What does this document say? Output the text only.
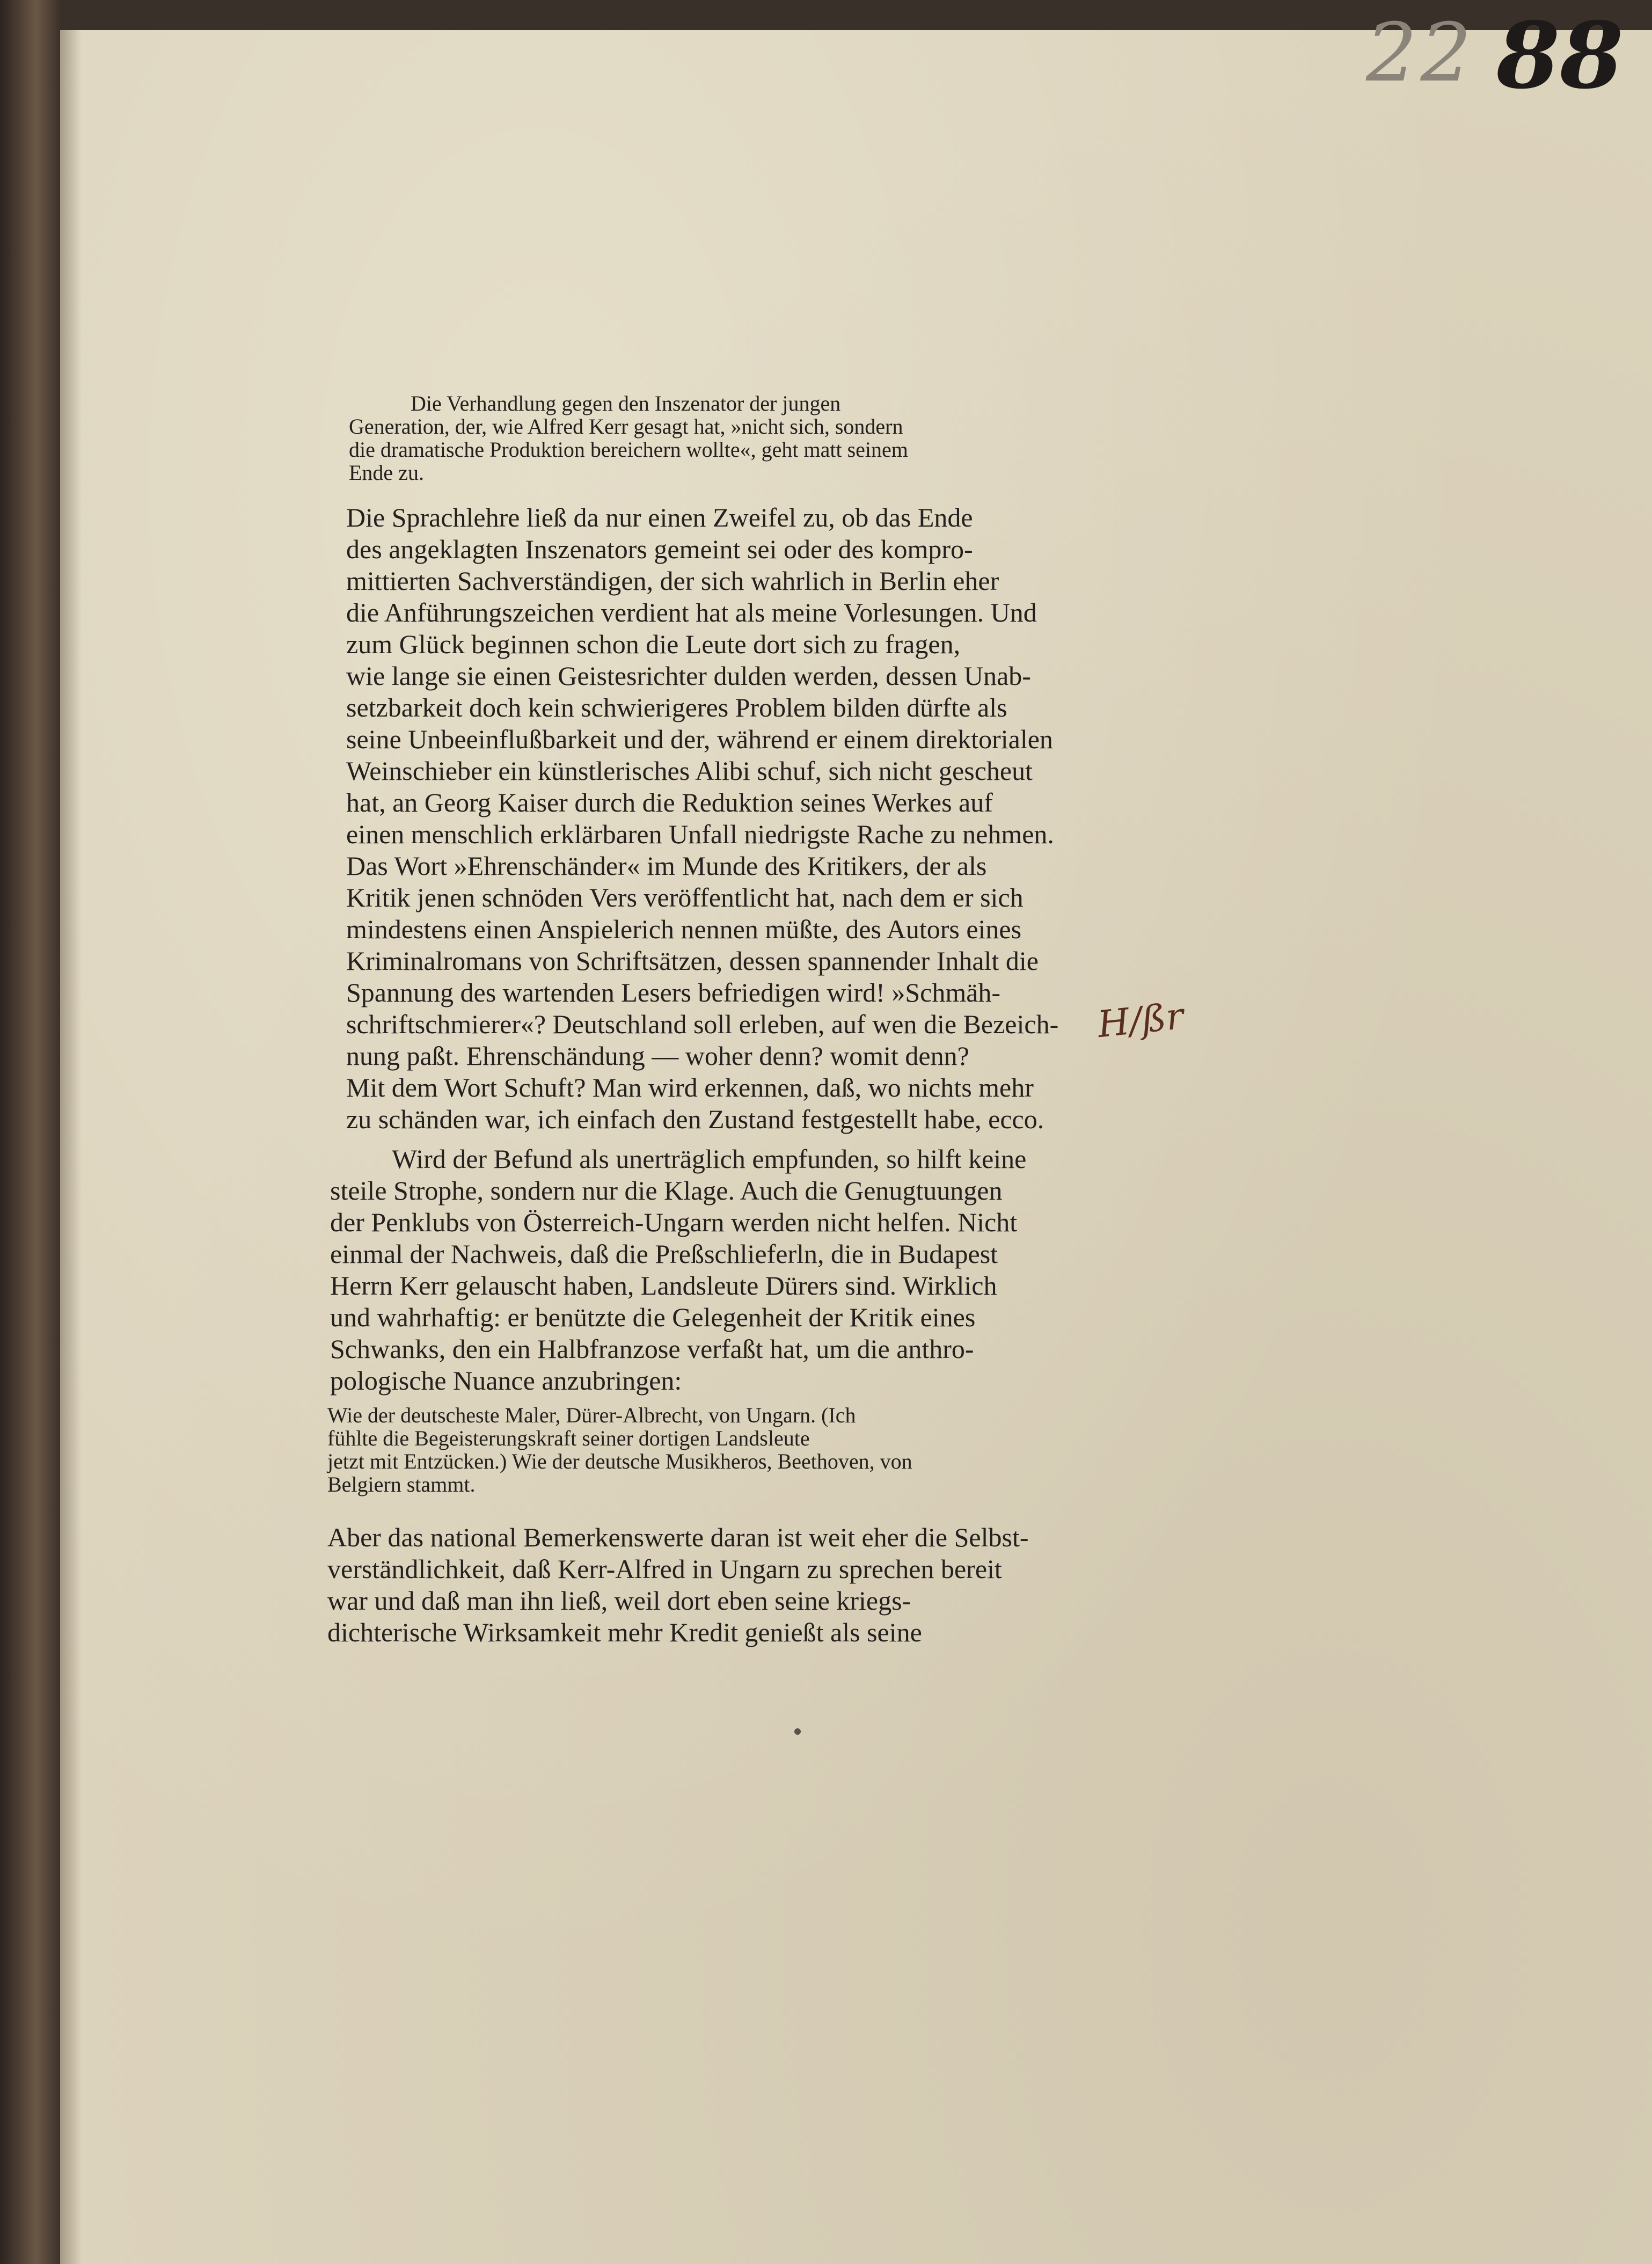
22 88
Die Verhandlung gegen den Inszenator der jungen
Generation, der, wie Alfred Kerr gesagt hat, »nicht sich, sondern
die dramatische Produktion bereichern wollte«, geht matt seinem
Ende zu.
Die Sprachlehre ließ da nur einen Zweifel zu, ob das Ende
des angeklagten Inszenators gemeint sei oder des kompro-
mittierten Sachverständigen, der sich wahrlich in Berlin eher
die Anführungszeichen verdient hat als meine Vorlesungen. Und
zum Glück beginnen schon die Leute dort sich zu fragen,
wie lange sie einen Geistesrichter dulden werden, dessen Unab-
setzbarkeit doch kein schwierigeres Problem bilden dürfte als
seine Unbeeinflußbarkeit und der, während er einem direktorialen
Weinschieber ein künstlerisches Alibi schuf, sich nicht gescheut
hat, an Georg Kaiser durch die Reduktion seines Werkes auf
einen menschlich erklärbaren Unfall niedrigste Rache zu nehmen.
Das Wort »Ehrenschänder« im Munde des Kritikers, der als
Kritik jenen schnöden Vers veröffentlicht hat, nach dem er sich
mindestens einen Anspielerich nennen müßte, des Autors eines
Kriminalromans von Schriftsätzen, dessen spannender Inhalt die
Spannung des wartenden Lesers befriedigen wird! »Schmäh-
schriftschmierer«? Deutschland soll erleben, auf wen die Bezeich-
nung paßt. Ehrenschändung — woher denn? womit denn?
Mit dem Wort Schuft? Man wird erkennen, daß, wo nichts mehr
zu schänden war, ich einfach den Zustand festgestellt habe, ecco.
Wird der Befund als unerträglich empfunden, so hilft keine
steile Strophe, sondern nur die Klage. Auch die Genugtuungen
der Penklubs von Österreich-Ungarn werden nicht helfen. Nicht
einmal der Nachweis, daß die Preßschlieferln, die in Budapest
Herrn Kerr gelauscht haben, Landsleute Dürers sind. Wirklich
und wahrhaftig: er benützte die Gelegenheit der Kritik eines
Schwanks, den ein Halbfranzose verfaßt hat, um die anthro-
pologische Nuance anzubringen:
Wie der deutscheste Maler, Dürer-Albrecht, von Ungarn. (Ich
fühlte die Begeisterungskraft seiner dortigen Landsleute
jetzt mit Entzücken.) Wie der deutsche Musikheros, Beethoven, von
Belgiern stammt.
Aber das national Bemerkenswerte daran ist weit eher die Selbst-
verständlichkeit, daß Kerr-Alfred in Ungarn zu sprechen bereit
war und daß man ihn ließ, weil dort eben seine kriegs-
dichterische Wirksamkeit mehr Kredit genießt als seine
H/ßr
